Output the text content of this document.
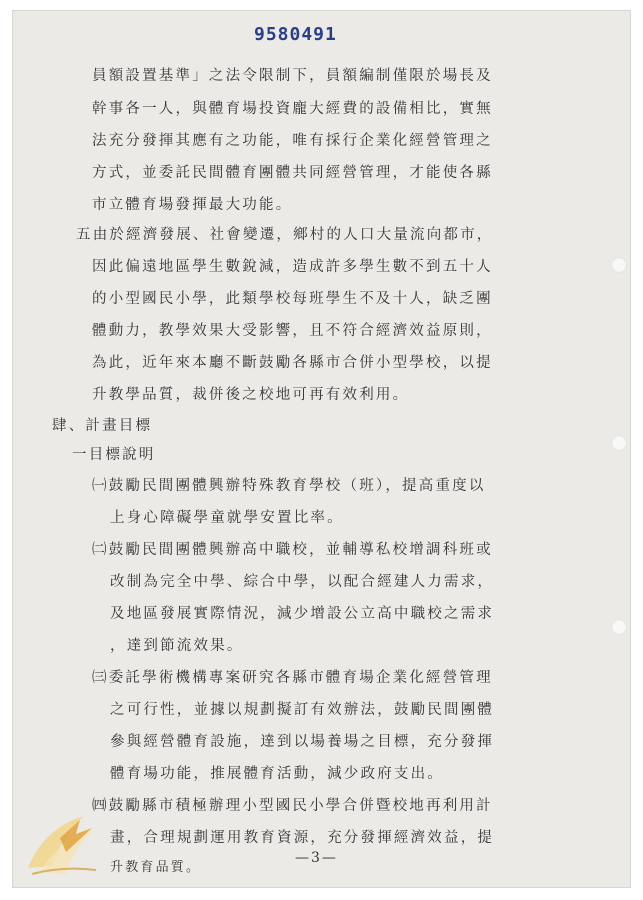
9580491
員額設置基準」之法令限制下，員額編制僅限於場長及
幹事各一人，與體育場投資龐大經費的設備相比，實無
法充分發揮其應有之功能，唯有採行企業化經營管理之
方式，並委託民間體育團體共同經營管理，才能使各縣
市立體育場發揮最大功能。
五由於經濟發展、社會變遷，鄉村的人口大量流向都市，
因此偏遠地區學生數銳減，造成許多學生數不到五十人
的小型國民小學，此類學校每班學生不及十人，缺乏團
體動力，教學效果大受影響，且不符合經濟效益原則，
為此，近年來本廳不斷鼓勵各縣市合併小型學校，以提
升教學品質，裁併後之校地可再有效利用。
肆、計畫目標
一目標說明
㈠鼓勵民間團體興辦特殊教育學校（班），提高重度以
上身心障礙學童就學安置比率。
㈡鼓勵民間團體興辦高中職校，並輔導私校增調科班或
改制為完全中學、綜合中學，以配合經建人力需求，
及地區發展實際情況，減少增設公立高中職校之需求
，達到節流效果。
㈢委託學術機構專案研究各縣市體育場企業化經營管理
之可行性，並據以規劃擬訂有效辦法，鼓勵民間團體
參與經營體育設施，達到以場養場之目標，充分發揮
體育場功能，推展體育活動，減少政府支出。
㈣鼓勵縣市積極辦理小型國民小學合併暨校地再利用計
畫，合理規劃運用教育資源，充分發揮經濟效益，提
升教育品質。
—3—
